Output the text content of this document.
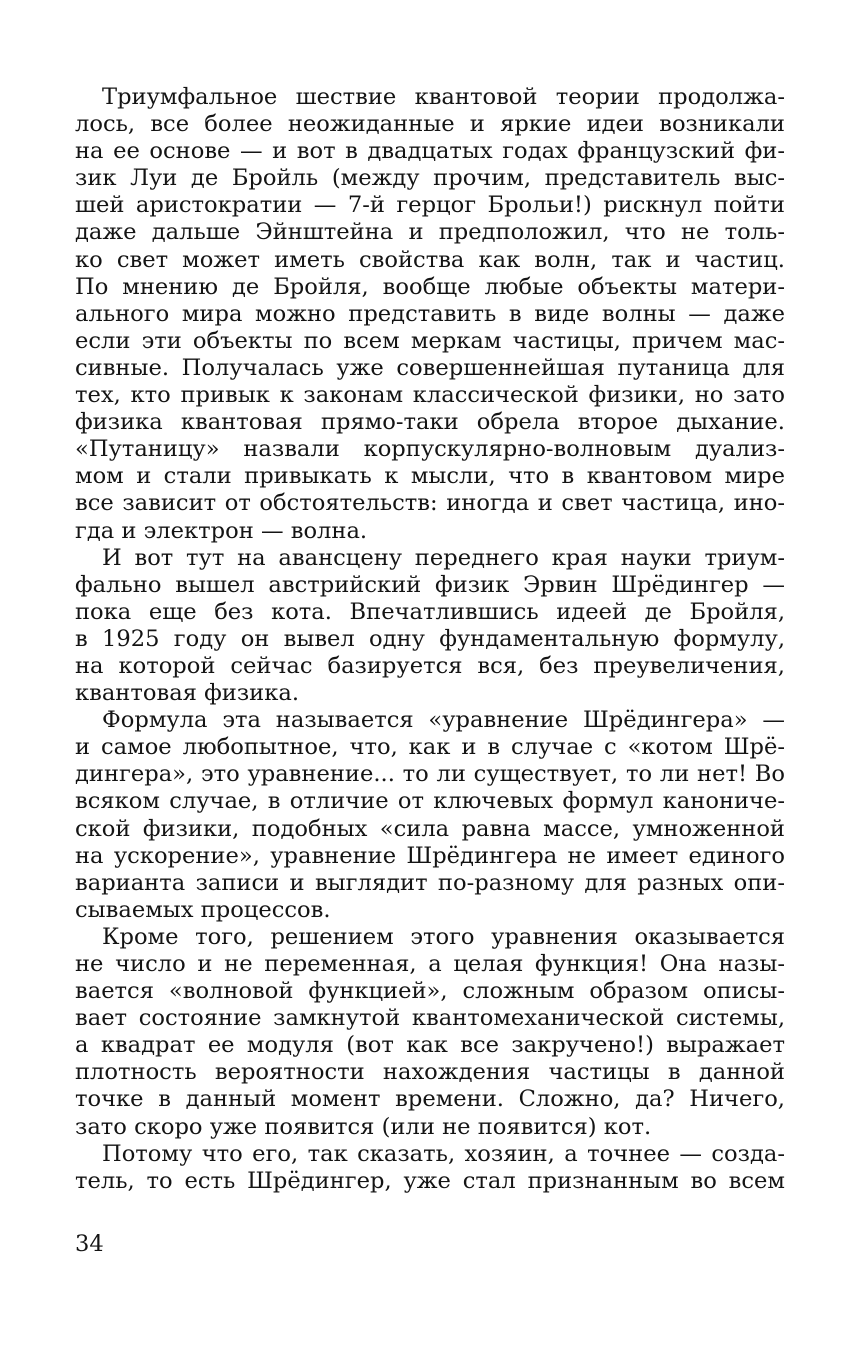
Триумфальное шествие квантовой теории продолжа-
лось, все более неожиданные и яркие идеи возникали
на ее основе — и вот в двадцатых годах французский фи-
зик Луи де Бройль (между прочим, представитель выс-
шей аристократии — 7-й герцог Брольи!) рискнул пойти
даже дальше Эйнштейна и предположил, что не толь-
ко свет может иметь свойства как волн, так и частиц.
По мнению де Бройля, вообще любые объекты матери-
ального мира можно представить в виде волны — даже
если эти объекты по всем меркам частицы, причем мас-
сивные. Получалась уже совершеннейшая путаница для
тех, кто привык к законам классической физики, но зато
физика квантовая прямо-таки обрела второе дыхание.
«Путаницу» назвали корпускулярно-волновым дуализ-
мом и стали привыкать к мысли, что в квантовом мире
все зависит от обстоятельств: иногда и свет частица, ино-
гда и электрон — волна.
И вот тут на авансцену переднего края науки триум-
фально вышел австрийский физик Эрвин Шрёдингер —
пока еще без кота. Впечатлившись идеей де Бройля,
в 1925 году он вывел одну фундаментальную формулу,
на которой сейчас базируется вся, без преувеличения,
квантовая физика.
Формула эта называется «уравнение Шрёдингера» —
и самое любопытное, что, как и в случае с «котом Шрё-
дингера», это уравнение... то ли существует, то ли нет! Во
всяком случае, в отличие от ключевых формул канониче-
ской физики, подобных «сила равна массе, умноженной
на ускорение», уравнение Шрёдингера не имеет единого
варианта записи и выглядит по-разному для разных опи-
сываемых процессов.
Кроме того, решением этого уравнения оказывается
не число и не переменная, а целая функция! Она назы-
вается «волновой функцией», сложным образом описы-
вает состояние замкнутой квантомеханической системы,
а квадрат ее модуля (вот как все закручено!) выражает
плотность вероятности нахождения частицы в данной
точке в данный момент времени. Сложно, да? Ничего,
зато скоро уже появится (или не появится) кот.
Потому что его, так сказать, хозяин, а точнее — созда-
тель, то есть Шрёдингер, уже стал признанным во всем
34
